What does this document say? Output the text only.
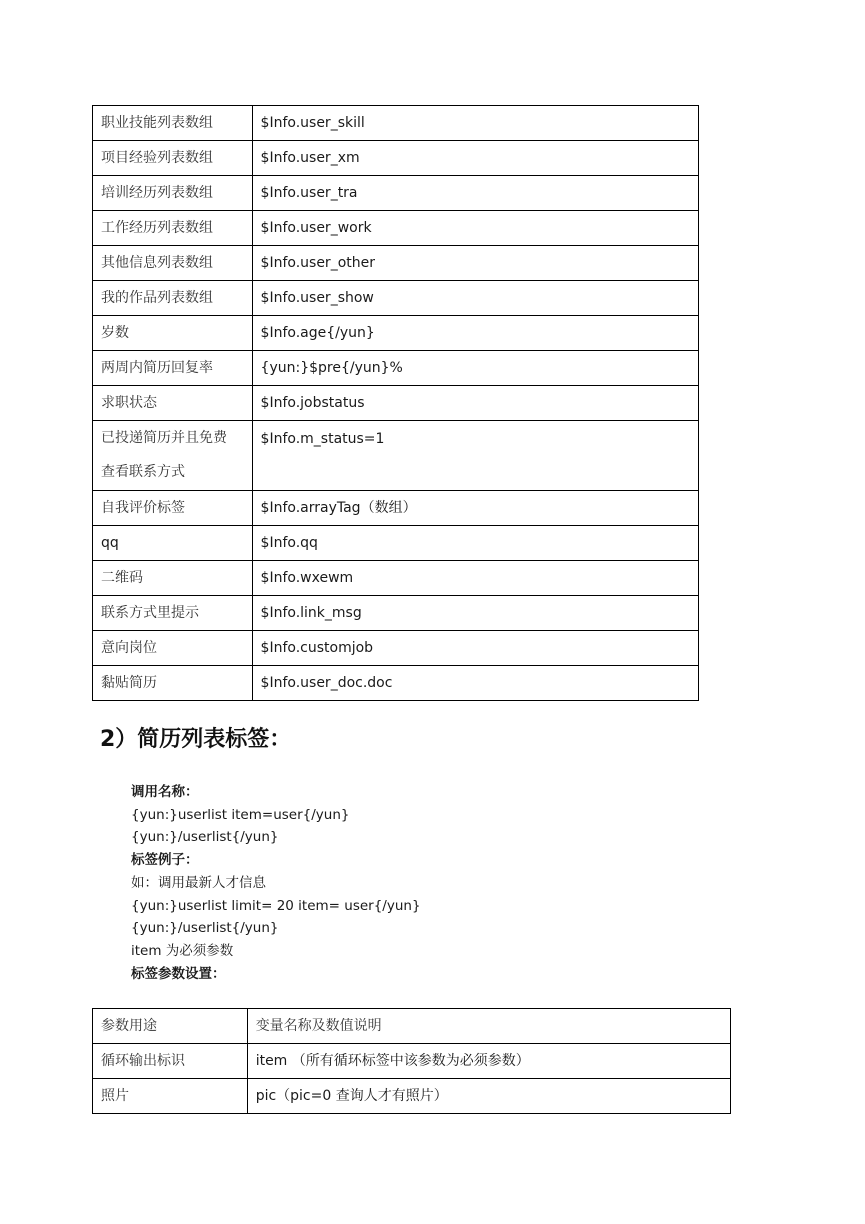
职业技能列表数组	$Info.user_skill
项目经验列表数组	$Info.user_xm
培训经历列表数组	$Info.user_tra
工作经历列表数组	$Info.user_work
其他信息列表数组	$Info.user_other
我的作品列表数组	$Info.user_show
岁数	$Info.age{/yun}
两周内简历回复率	{yun:}$pre{/yun}%
求职状态	$Info.jobstatus

已投递简历并且免费
查看联系方式	$Info.m_status=1
自我评价标签	$Info.arrayTag（数组）
qq	$Info.qq
二维码	$Info.wxewm
联系方式里提示	$Info.link_msg
意向岗位	$Info.customjob
黏贴简历	$Info.user_doc.doc
2）简历列表标签：
调用名称：
{yun:}userlist item=user{/yun}
{yun:}/userlist{/yun}
标签例子：
如：调用最新人才信息
{yun:}userlist limit= 20 item= user{/yun}
{yun:}/userlist{/yun}
item 为必须参数
标签参数设置：
参数用途	变量名称及数值说明
循环输出标识	item （所有循环标签中该参数为必须参数）
照片	pic（pic=0 查询人才有照片）
